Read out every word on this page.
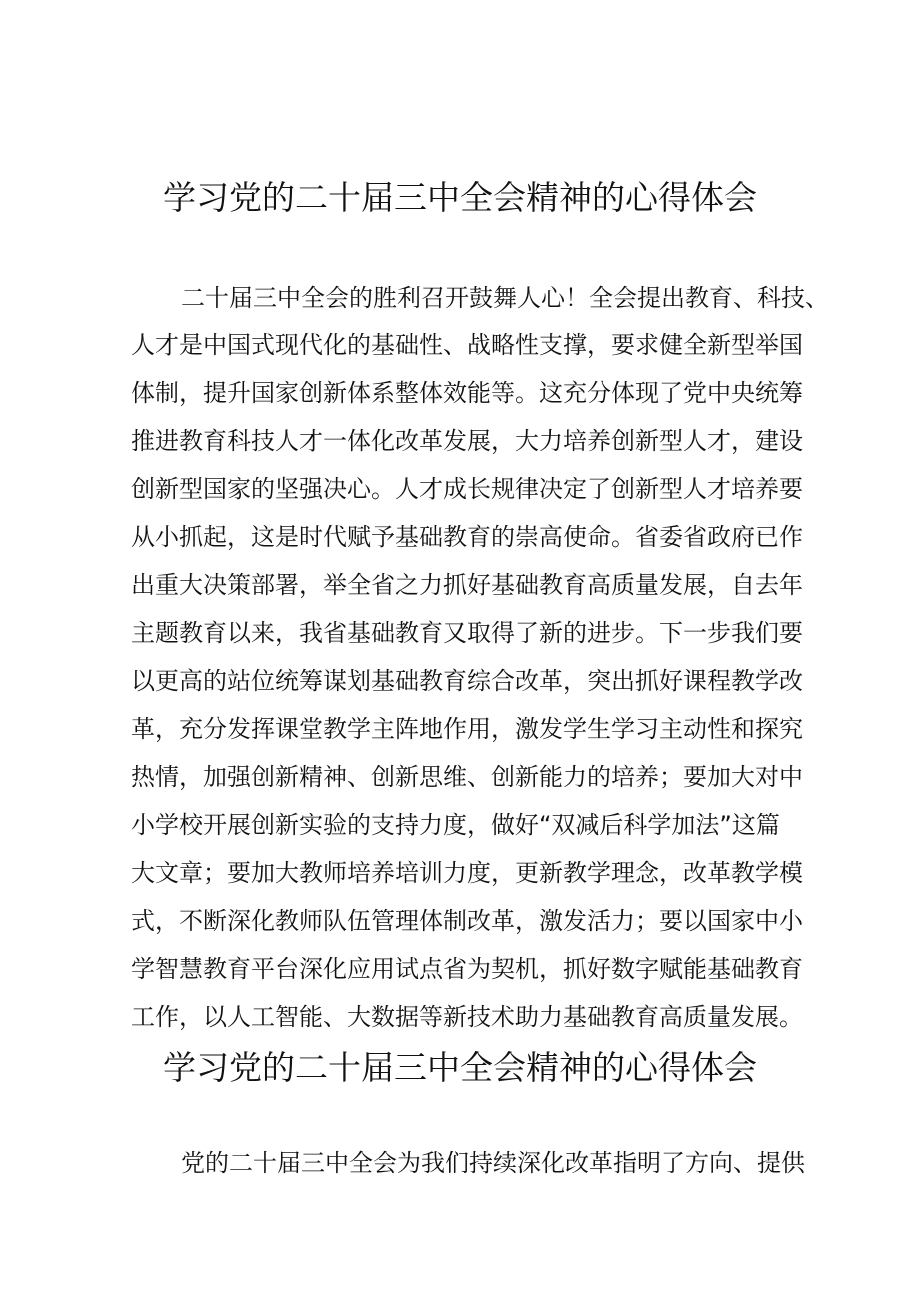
学习党的二十届三中全会精神的心得体会

二十届三中全会的胜利召开鼓舞人心！全会提出教育、科技、

人才是中国式现代化的基础性、战略性支撑，要求健全新型举国

体制，提升国家创新体系整体效能等。这充分体现了党中央统筹

推进教育科技人才一体化改革发展，大力培养创新型人才，建设

创新型国家的坚强决心。人才成长规律决定了创新型人才培养要

从小抓起，这是时代赋予基础教育的崇高使命。省委省政府已作

出重大决策部署，举全省之力抓好基础教育高质量发展，自去年

主题教育以来，我省基础教育又取得了新的进步。下一步我们要

以更高的站位统筹谋划基础教育综合改革，突出抓好课程教学改

革，充分发挥课堂教学主阵地作用，激发学生学习主动性和探究

热情，加强创新精神、创新思维、创新能力的培养；要加大对中

小学校开展创新实验的支持力度，做好“双减后科学加法”这篇

大文章；要加大教师培养培训力度，更新教学理念，改革教学模

式，不断深化教师队伍管理体制改革，激发活力；要以国家中小

学智慧教育平台深化应用试点省为契机，抓好数字赋能基础教育

工作，以人工智能、大数据等新技术助力基础教育高质量发展。

学习党的二十届三中全会精神的心得体会

党的二十届三中全会为我们持续深化改革指明了方向、提供
